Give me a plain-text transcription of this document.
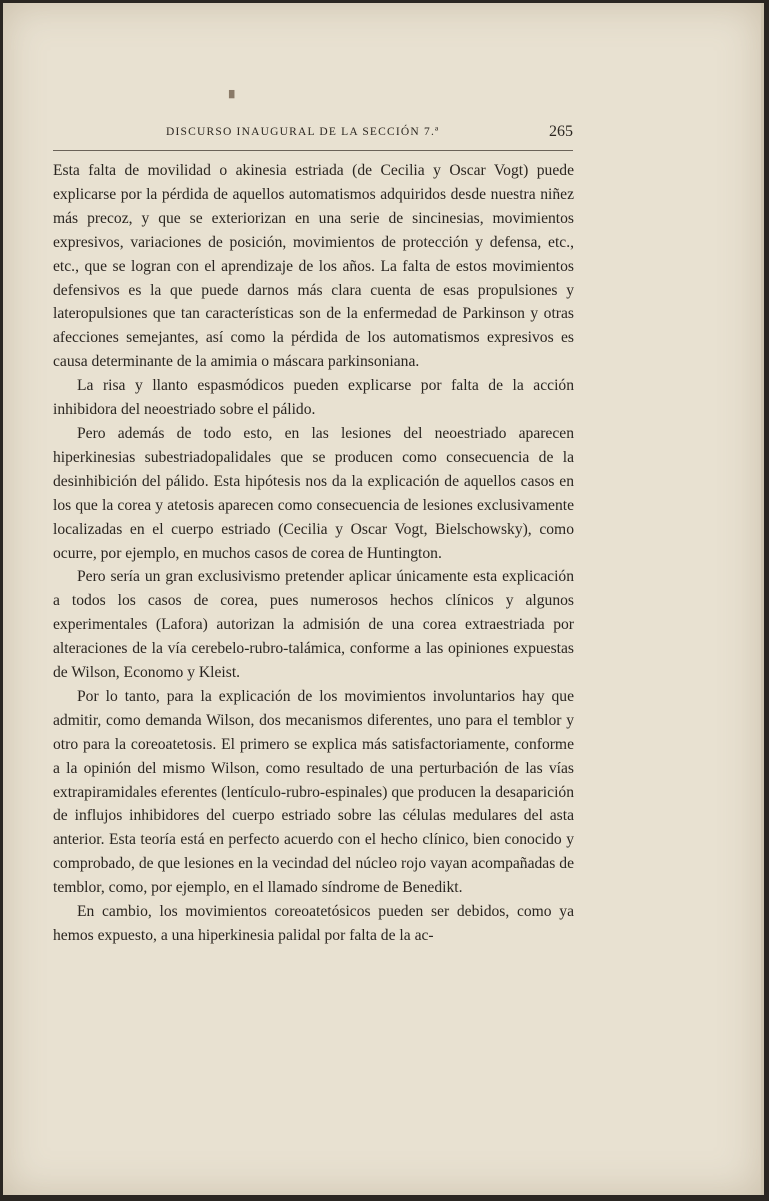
▘
DISCURSO INAUGURAL DE LA SECCIÓN 7.ª	265

Esta falta de movilidad o akinesia estriada (de Cecilia y Oscar Vogt) puede explicarse por la pérdida de aquellos automatismos adquiridos desde nuestra niñez más precoz, y que se exteriorizan en una serie de sincinesias, movimientos expresivos, variaciones de posición, movimientos de protección y defensa, etc., etc., que se logran con el aprendizaje de los años. La falta de estos movimientos defensivos es la que puede darnos más clara cuenta de esas propulsiones y lateropulsiones que tan características son de la enfermedad de Parkinson y otras afecciones semejantes, así como la pérdida de los automatismos expresivos es causa determinante de la amimia o máscara parkinsoniana.

La risa y llanto espasmódicos pueden explicarse por falta de la acción inhibidora del neoestriado sobre el pálido.

Pero además de todo esto, en las lesiones del neoestriado aparecen hiperkinesias subestriadopalidales que se producen como consecuencia de la desinhibición del pálido. Esta hipótesis nos da la explicación de aquellos casos en los que la corea y atetosis aparecen como consecuencia de lesiones exclusivamente localizadas en el cuerpo estriado (Cecilia y Oscar Vogt, Bielschowsky), como ocurre, por ejemplo, en muchos casos de corea de Huntington.

Pero sería un gran exclusivismo pretender aplicar únicamente esta explicación a todos los casos de corea, pues numerosos hechos clínicos y algunos experimentales (Lafora) autorizan la admisión de una corea extraestriada por alteraciones de la vía cerebelo-rubro-talámica, conforme a las opiniones expuestas de Wilson, Economo y Kleist.

Por lo tanto, para la explicación de los movimientos involuntarios hay que admitir, como demanda Wilson, dos mecanismos diferentes, uno para el temblor y otro para la coreoatetosis. El primero se explica más satisfactoriamente, conforme a la opinión del mismo Wilson, como resultado de una perturbación de las vías extrapiramidales eferentes (lentículo-rubro-espinales) que producen la desaparición de influjos inhibidores del cuerpo estriado sobre las células medulares del asta anterior. Esta teoría está en perfecto acuerdo con el hecho clínico, bien conocido y comprobado, de que lesiones en la vecindad del núcleo rojo vayan acompañadas de temblor, como, por ejemplo, en el llamado síndrome de Benedikt.

En cambio, los movimientos coreoatetósicos pueden ser debidos, como ya hemos expuesto, a una hiperkinesia palidal por falta de la ac-
